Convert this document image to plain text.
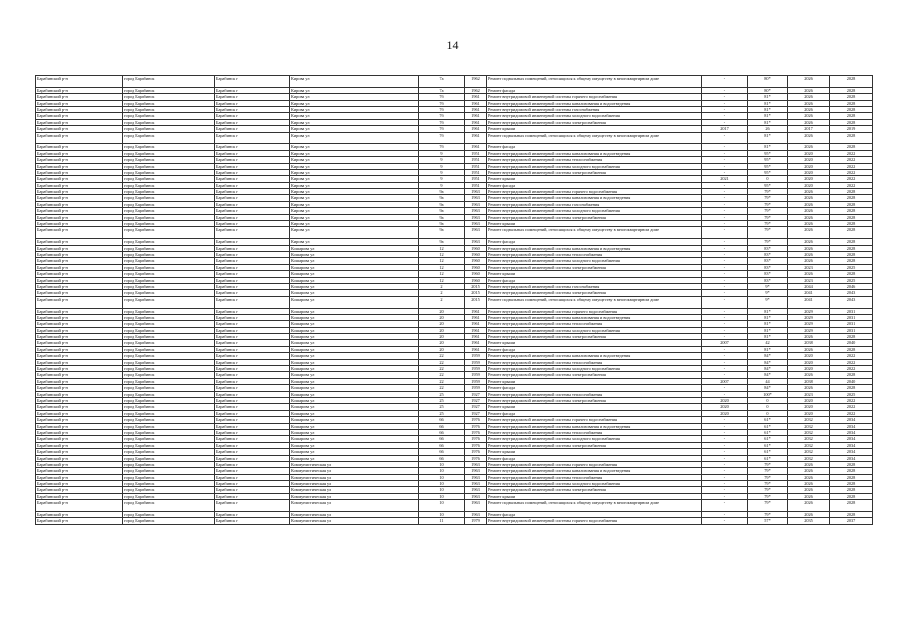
14
Барабинский р-н	город Барабинск	Барабинск г	Кирова ул	7а	1962	Ремонт подвальных помещений, относящихся к общему имуществу в многоквартирном доме	-	80*	2026	2028
Барабинский р-н	город Барабинск	Барабинск г	Кирова ул	7а	1962	Ремонт фасада	-	80*	2026	2028
Барабинский р-н	город Барабинск	Барабинск г	Кирова ул	7б	1961	Ремонт внутридомовой инженерной системы горячего водоснабжения	-	81*	2026	2028
Барабинский р-н	город Барабинск	Барабинск г	Кирова ул	7б	1961	Ремонт внутридомовой инженерной системы канализования и водоотведения	-	81*	2026	2028
Барабинский р-н	город Барабинск	Барабинск г	Кирова ул	7б	1961	Ремонт внутридомовой инженерной системы газоснабжения	-	81*	2026	2028
Барабинский р-н	город Барабинск	Барабинск г	Кирова ул	7б	1961	Ремонт внутридомовой инженерной системы холодного водоснабжения	-	81*	2026	2028
Барабинский р-н	город Барабинск	Барабинск г	Кирова ул	7б	1961	Ремонт внутридомовой инженерной системы электроснабжения	-	81*	2026	2028
Барабинский р-н	город Барабинск	Барабинск г	Кирова ул	7б	1961	Ремонт крыши	2017	26	2017	2019
Барабинский р-н	город Барабинск	Барабинск г	Кирова ул	7б	1961	Ремонт подвальных помещений, относящихся к общему имуществу в многоквартирном доме	-	81*	2026	2028
Барабинский р-н	город Барабинск	Барабинск г	Кирова ул	7б	1961	Ремонт фасада	-	81*	2026	2028
Барабинский р-н	город Барабинск	Барабинск г	Кирова ул	9	1951	Ремонт внутридомовой инженерной системы канализования и водоотведения	-	95*	2020	2022
Барабинский р-н	город Барабинск	Барабинск г	Кирова ул	9	1951	Ремонт внутридомовой инженерной системы теплоснабжения	-	95*	2020	2022
Барабинский р-н	город Барабинск	Барабинск г	Кирова ул	9	1951	Ремонт внутридомовой инженерной системы холодного водоснабжения	-	95*	2020	2022
Барабинский р-н	город Барабинск	Барабинск г	Кирова ул	9	1951	Ремонт внутридомовой инженерной системы электроснабжения	-	95*	2020	2022
Барабинский р-н	город Барабинск	Барабинск г	Кирова ул	9	1951	Ремонт крыши	2021	0	2020	2022
Барабинский р-н	город Барабинск	Барабинск г	Кирова ул	9	1951	Ремонт фасада	-	95*	2020	2022
Барабинский р-н	город Барабинск	Барабинск г	Кирова ул	9а	1963	Ремонт внутридомовой инженерной системы горячего водоснабжения	-	79*	2026	2028
Барабинский р-н	город Барабинск	Барабинск г	Кирова ул	9а	1963	Ремонт внутридомовой инженерной системы канализования и водоотведения	-	79*	2026	2028
Барабинский р-н	город Барабинск	Барабинск г	Кирова ул	9а	1963	Ремонт внутридомовой инженерной системы газоснабжения	-	79*	2026	2028
Барабинский р-н	город Барабинск	Барабинск г	Кирова ул	9а	1963	Ремонт внутридомовой инженерной системы холодного водоснабжения	-	79*	2026	2028
Барабинский р-н	город Барабинск	Барабинск г	Кирова ул	9а	1963	Ремонт внутридомовой инженерной системы электроснабжения	-	79*	2026	2028
Барабинский р-н	город Барабинск	Барабинск г	Кирова ул	9а	1963	Ремонт крыши	-	79*	2026	2028
Барабинский р-н	город Барабинск	Барабинск г	Кирова ул	9а	1963	Ремонт подвальных помещений, относящихся к общему имуществу в многоквартирном доме	-	79*	2026	2028
Барабинский р-н	город Барабинск	Барабинск г	Кирова ул	9а	1963	Ремонт фасада	-	79*	2026	2028
Барабинский р-н	город Барабинск	Барабинск г	Кошарова ул	12	1960	Ремонт внутридомовой инженерной системы канализования и водоотведения	-	83*	2026	2028
Барабинский р-н	город Барабинск	Барабинск г	Кошарова ул	12	1960	Ремонт внутридомовой инженерной системы теплоснабжения	-	83*	2026	2028
Барабинский р-н	город Барабинск	Барабинск г	Кошарова ул	12	1960	Ремонт внутридомовой инженерной системы холодного водоснабжения	-	83*	2026	2028
Барабинский р-н	город Барабинск	Барабинск г	Кошарова ул	12	1960	Ремонт внутридомовой инженерной системы электроснабжения	-	83*	2023	2025
Барабинский р-н	город Барабинск	Барабинск г	Кошарова ул	12	1960	Ремонт крыши	-	83*	2026	2028
Барабинский р-н	город Барабинск	Барабинск г	Кошарова ул	12	1960	Ремонт фасада	-	83*	2023	2025
Барабинский р-н	город Барабинск	Барабинск г	Кошарова ул	2	2015	Ремонт внутридомовой инженерной системы газоснабжения	-	9*	2044	2046
Барабинский р-н	город Барабинск	Барабинск г	Кошарова ул	2	2015	Ремонт внутридомовой инженерной системы электроснабжения	-	9*	2041	2043
Барабинский р-н	город Барабинск	Барабинск г	Кошарова ул	2	2015	Ремонт подвальных помещений, относящихся к общему имуществу в многоквартирном доме	-	9*	2041	2043
Барабинский р-н	город Барабинск	Барабинск г	Кошарова ул	20	1961	Ремонт внутридомовой инженерной системы горячего водоснабжения	-	81*	2029	2031
Барабинский р-н	город Барабинск	Барабинск г	Кошарова ул	20	1961	Ремонт внутридомовой инженерной системы канализования и водоотведения	-	81*	2029	2031
Барабинский р-н	город Барабинск	Барабинск г	Кошарова ул	20	1961	Ремонт внутридомовой инженерной системы теплоснабжения	-	81*	2029	2031
Барабинский р-н	город Барабинск	Барабинск г	Кошарова ул	20	1961	Ремонт внутридомовой инженерной системы холодного водоснабжения	-	81*	2029	2031
Барабинский р-н	город Барабинск	Барабинск г	Кошарова ул	20	1961	Ремонт внутридомовой инженерной системы электроснабжения	-	81*	2026	2028
Барабинский р-н	город Барабинск	Барабинск г	Кошарова ул	20	1961	Ремонт крыши	2007	42	2038	2040
Барабинский р-н	город Барабинск	Барабинск г	Кошарова ул	20	1961	Ремонт фасада	-	81*	2026	2028
Барабинский р-н	город Барабинск	Барабинск г	Кошарова ул	22	1959	Ремонт внутридомовой инженерной системы канализования и водоотведения	-	84*	2020	2022
Барабинский р-н	город Барабинск	Барабинск г	Кошарова ул	22	1959	Ремонт внутридомовой инженерной системы теплоснабжения	-	84*	2020	2022
Барабинский р-н	город Барабинск	Барабинск г	Кошарова ул	22	1959	Ремонт внутридомовой инженерной системы холодного водоснабжения	-	84*	2020	2022
Барабинский р-н	город Барабинск	Барабинск г	Кошарова ул	22	1959	Ремонт внутридомовой инженерной системы электроснабжения	-	84*	2026	2028
Барабинский р-н	город Барабинск	Барабинск г	Кошарова ул	22	1959	Ремонт крыши	2007	44	2038	2040
Барабинский р-н	город Барабинск	Барабинск г	Кошарова ул	22	1959	Ремонт фасада	-	84*	2026	2028
Барабинский р-н	город Барабинск	Барабинск г	Кошарова ул	25	1927	Ремонт внутридомовой инженерной системы теплоснабжения	-	100*	2023	2025
Барабинский р-н	город Барабинск	Барабинск г	Кошарова ул	25	1927	Ремонт внутридомовой инженерной системы электроснабжения	2020	0	2020	2022
Барабинский р-н	город Барабинск	Барабинск г	Кошарова ул	25	1927	Ремонт крыши	2020	0	2020	2022
Барабинский р-н	город Барабинск	Барабинск г	Кошарова ул	25	1927	Ремонт фасада	2020	0	2020	2022
Барабинский р-н	город Барабинск	Барабинск г	Кошарова ул	66	1976	Ремонт внутридомовой инженерной системы горячего водоснабжения	-	61*	2032	2034
Барабинский р-н	город Барабинск	Барабинск г	Кошарова ул	66	1976	Ремонт внутридомовой инженерной системы канализования и водоотведения	-	61*	2032	2034
Барабинский р-н	город Барабинск	Барабинск г	Кошарова ул	66	1976	Ремонт внутридомовой инженерной системы теплоснабжения	-	61*	2032	2034
Барабинский р-н	город Барабинск	Барабинск г	Кошарова ул	66	1976	Ремонт внутридомовой инженерной системы холодного водоснабжения	-	61*	2032	2034
Барабинский р-н	город Барабинск	Барабинск г	Кошарова ул	66	1976	Ремонт внутридомовой инженерной системы электроснабжения	-	61*	2032	2034
Барабинский р-н	город Барабинск	Барабинск г	Кошарова ул	66	1976	Ремонт крыши	-	61*	2032	2034
Барабинский р-н	город Барабинск	Барабинск г	Кошарова ул	66	1976	Ремонт фасада	-	61*	2032	2034
Барабинский р-н	город Барабинск	Барабинск г	Коммунистическая ул	10	1963	Ремонт внутридомовой инженерной системы горячего водоснабжения	-	79*	2026	2028
Барабинский р-н	город Барабинск	Барабинск г	Коммунистическая ул	10	1963	Ремонт внутридомовой инженерной системы канализования и водоотведения	-	79*	2026	2028
Барабинский р-н	город Барабинск	Барабинск г	Коммунистическая ул	10	1963	Ремонт внутридомовой инженерной системы теплоснабжения	-	79*	2026	2028
Барабинский р-н	город Барабинск	Барабинск г	Коммунистическая ул	10	1963	Ремонт внутридомовой инженерной системы холодного водоснабжения	-	79*	2026	2028
Барабинский р-н	город Барабинск	Барабинск г	Коммунистическая ул	10	1963	Ремонт внутридомовой инженерной системы электроснабжения	-	79*	2026	2028
Барабинский р-н	город Барабинск	Барабинск г	Коммунистическая ул	10	1963	Ремонт крыши	-	79*	2026	2028
Барабинский р-н	город Барабинск	Барабинск г	Коммунистическая ул	10	1963	Ремонт подвальных помещений, относящихся к общему имуществу в многоквартирном доме	-	79*	2026	2028
Барабинский р-н	город Барабинск	Барабинск г	Коммунистическая ул	10	1963	Ремонт фасада	-	79*	2026	2028
Барабинский р-н	город Барабинск	Барабинск г	Коммунистическая ул	11	1979	Ремонт внутридомовой инженерной системы горячего водоснабжения	-	57*	2035	2037
